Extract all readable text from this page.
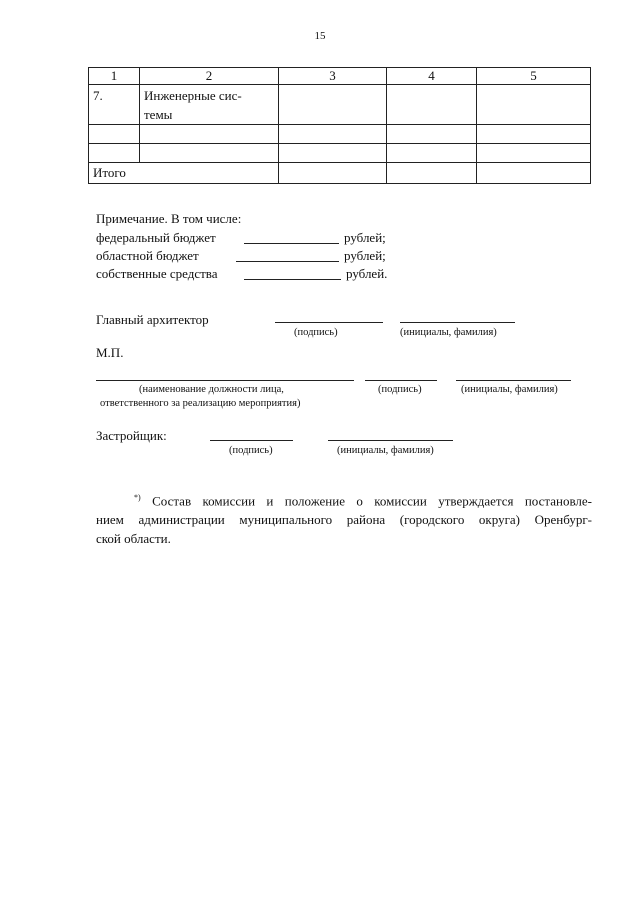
15
1	2	3	4	5
7.	Инженерные сис-
темы			

Итого				
Примечание. В том числе:
федеральный бюджет	рублей;
областной бюджет	рублей;
собственные средства	рублей.
Главный архитектор
(подпись)	(инициалы, фамилия)
М.П.
(наименование должности лица,
ответственного за реализацию мероприятия)
(подпись)	(инициалы, фамилия)
Застройщик:
(подпись)	(инициалы, фамилия)
*) Состав комиссии и положение о комиссии утверждается постановле-
нием администрации муниципального района (городского округа) Оренбург-
ской области.
